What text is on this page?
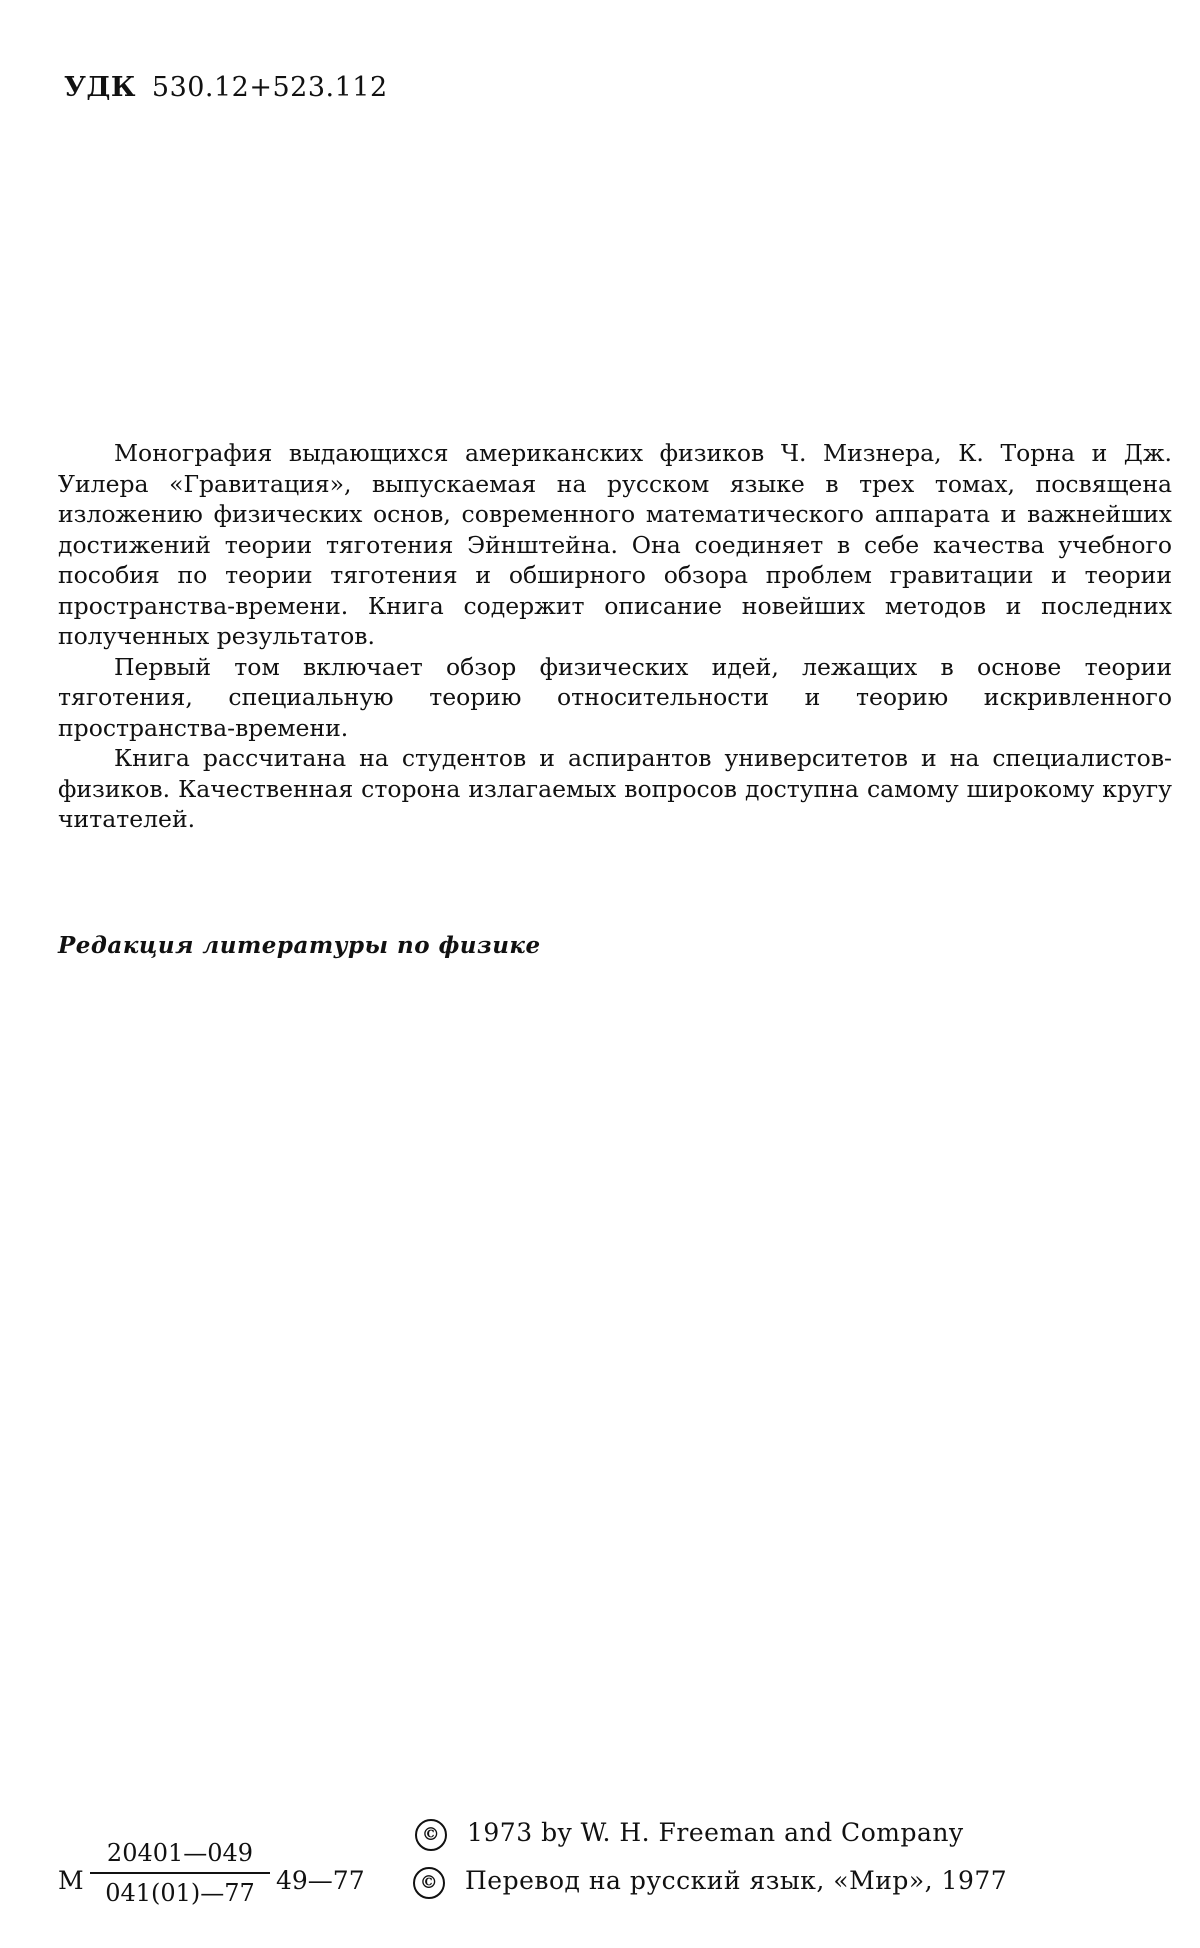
УДК 530.12+523.112

Монография выдающихся американских физиков Ч. Мизнера, К. Торна и Дж. Уилера «Гравитация», выпускаемая на русском языке в трех томах, посвящена изложению физических основ, современного математического аппарата и важнейших достижений теории тяготения Эйнштейна. Она соединяет в себе качества учебного пособия по теории тяготения и обширного обзора проблем гравитации и теории пространства-времени. Книга содержит описание новейших методов и последних полученных результатов.

Первый том включает обзор физических идей, лежащих в основе теории тяготения, специальную теорию относительности и теорию искривленного пространства-времени.

Книга рассчитана на студентов и аспирантов университетов и на специалистов-физиков. Качественная сторона излагаемых вопросов доступна самому широкому кругу читателей.

Редакция литературы по физике
© 1973 by W. H. Freeman and Company
М
20401—049
041(01)—77 49—77	© Перевод на русский язык, «Мир», 1977
